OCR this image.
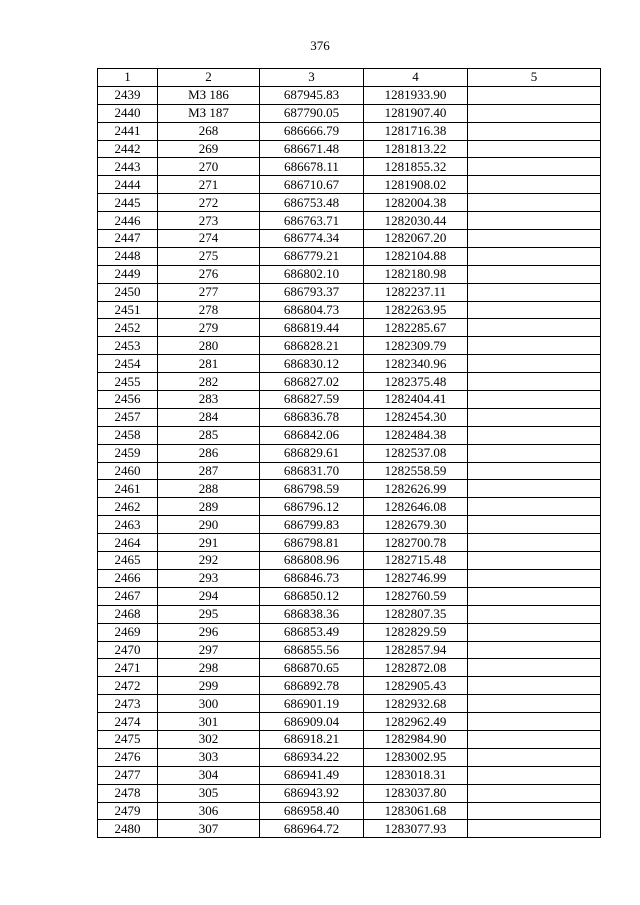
376
1	2	3	4	5
2439	МЗ 186	687945.83	1281933.90	
2440	МЗ 187	687790.05	1281907.40	
2441	268	686666.79	1281716.38	
2442	269	686671.48	1281813.22	
2443	270	686678.11	1281855.32	
2444	271	686710.67	1281908.02	
2445	272	686753.48	1282004.38	
2446	273	686763.71	1282030.44	
2447	274	686774.34	1282067.20	
2448	275	686779.21	1282104.88	
2449	276	686802.10	1282180.98	
2450	277	686793.37	1282237.11	
2451	278	686804.73	1282263.95	
2452	279	686819.44	1282285.67	
2453	280	686828.21	1282309.79	
2454	281	686830.12	1282340.96	
2455	282	686827.02	1282375.48	
2456	283	686827.59	1282404.41	
2457	284	686836.78	1282454.30	
2458	285	686842.06	1282484.38	
2459	286	686829.61	1282537.08	
2460	287	686831.70	1282558.59	
2461	288	686798.59	1282626.99	
2462	289	686796.12	1282646.08	
2463	290	686799.83	1282679.30	
2464	291	686798.81	1282700.78	
2465	292	686808.96	1282715.48	
2466	293	686846.73	1282746.99	
2467	294	686850.12	1282760.59	
2468	295	686838.36	1282807.35	
2469	296	686853.49	1282829.59	
2470	297	686855.56	1282857.94	
2471	298	686870.65	1282872.08	
2472	299	686892.78	1282905.43	
2473	300	686901.19	1282932.68	
2474	301	686909.04	1282962.49	
2475	302	686918.21	1282984.90	
2476	303	686934.22	1283002.95	
2477	304	686941.49	1283018.31	
2478	305	686943.92	1283037.80	
2479	306	686958.40	1283061.68	
2480	307	686964.72	1283077.93	
